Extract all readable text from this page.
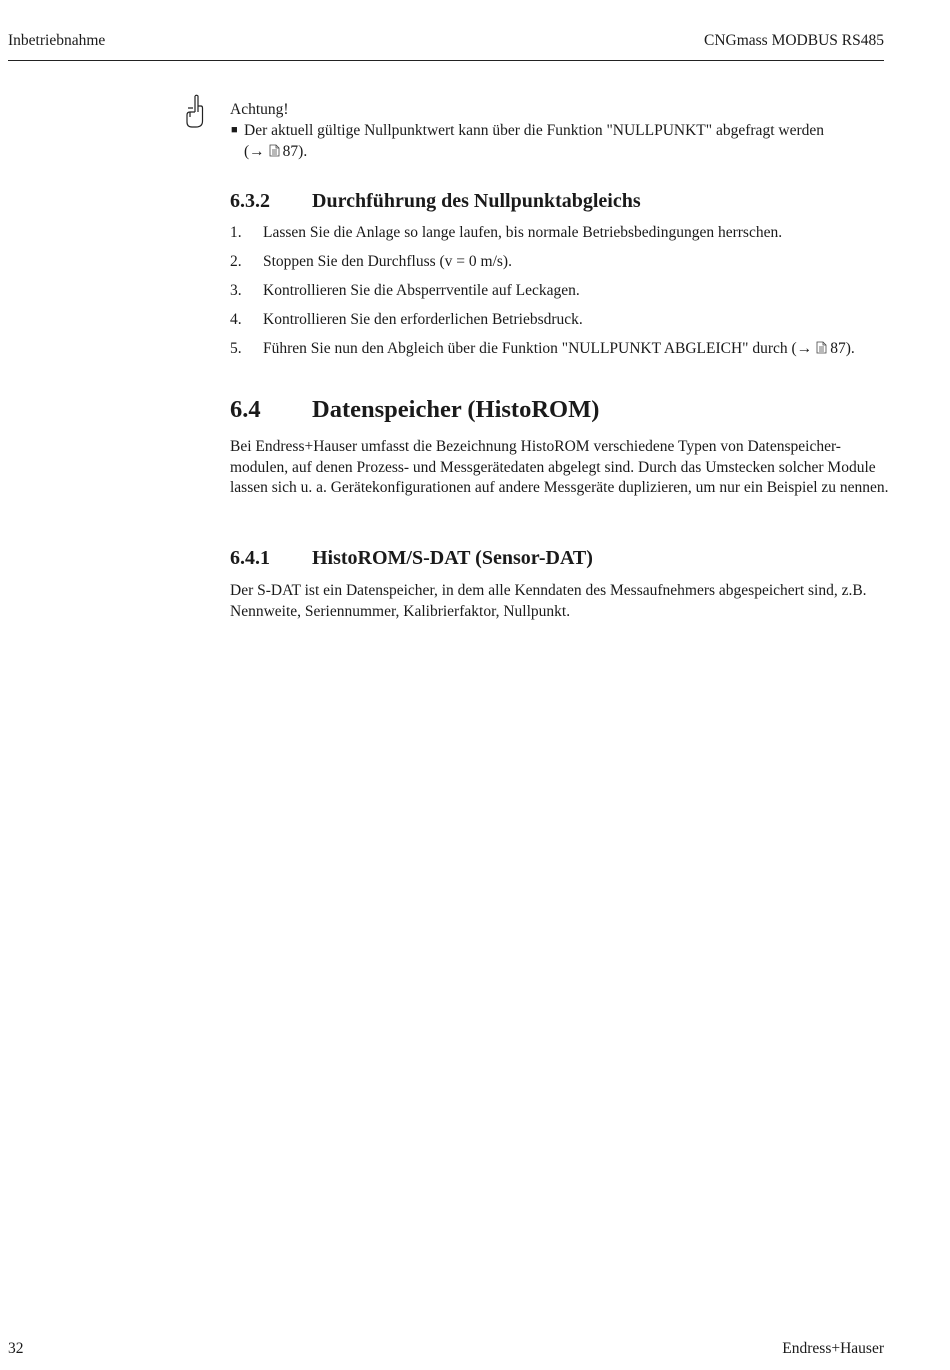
Inbetriebnahme	CNGmass MODBUS RS485
Achtung!
■ Der aktuell gültige Nullpunktwert kann über die Funktion "NULLPUNKT" abgefragt werden
(→ 87).
6.3.2 Durchführung des Nullpunktabgleichs
1. Lassen Sie die Anlage so lange laufen, bis normale Betriebsbedingungen herrschen.
2. Stoppen Sie den Durchfluss (v = 0 m/s).
3. Kontrollieren Sie die Absperrventile auf Leckagen.
4. Kontrollieren Sie den erforderlichen Betriebsdruck.
5. Führen Sie nun den Abgleich über die Funktion "NULLPUNKT ABGLEICH" durch (→ 87).
6.4 Datenspeicher (HistoROM)

Bei Endress+Hauser umfasst die Bezeichnung HistoROM verschiedene Typen von Datenspeicher-modulen, auf denen Prozess- und Messgerätedaten abgelegt sind. Durch das Umstecken solcher Module lassen sich u. a. Gerätekonfigurationen auf andere Messgeräte duplizieren, um nur ein Beispiel zu nennen.

6.4.1 HistoROM/S-DAT (Sensor-DAT)

Der S-DAT ist ein Datenspeicher, in dem alle Kenndaten des Messaufnehmers abgespeichert sind, z.B. Nennweite, Seriennummer, Kalibrierfaktor, Nullpunkt.

32	Endress+Hauser
